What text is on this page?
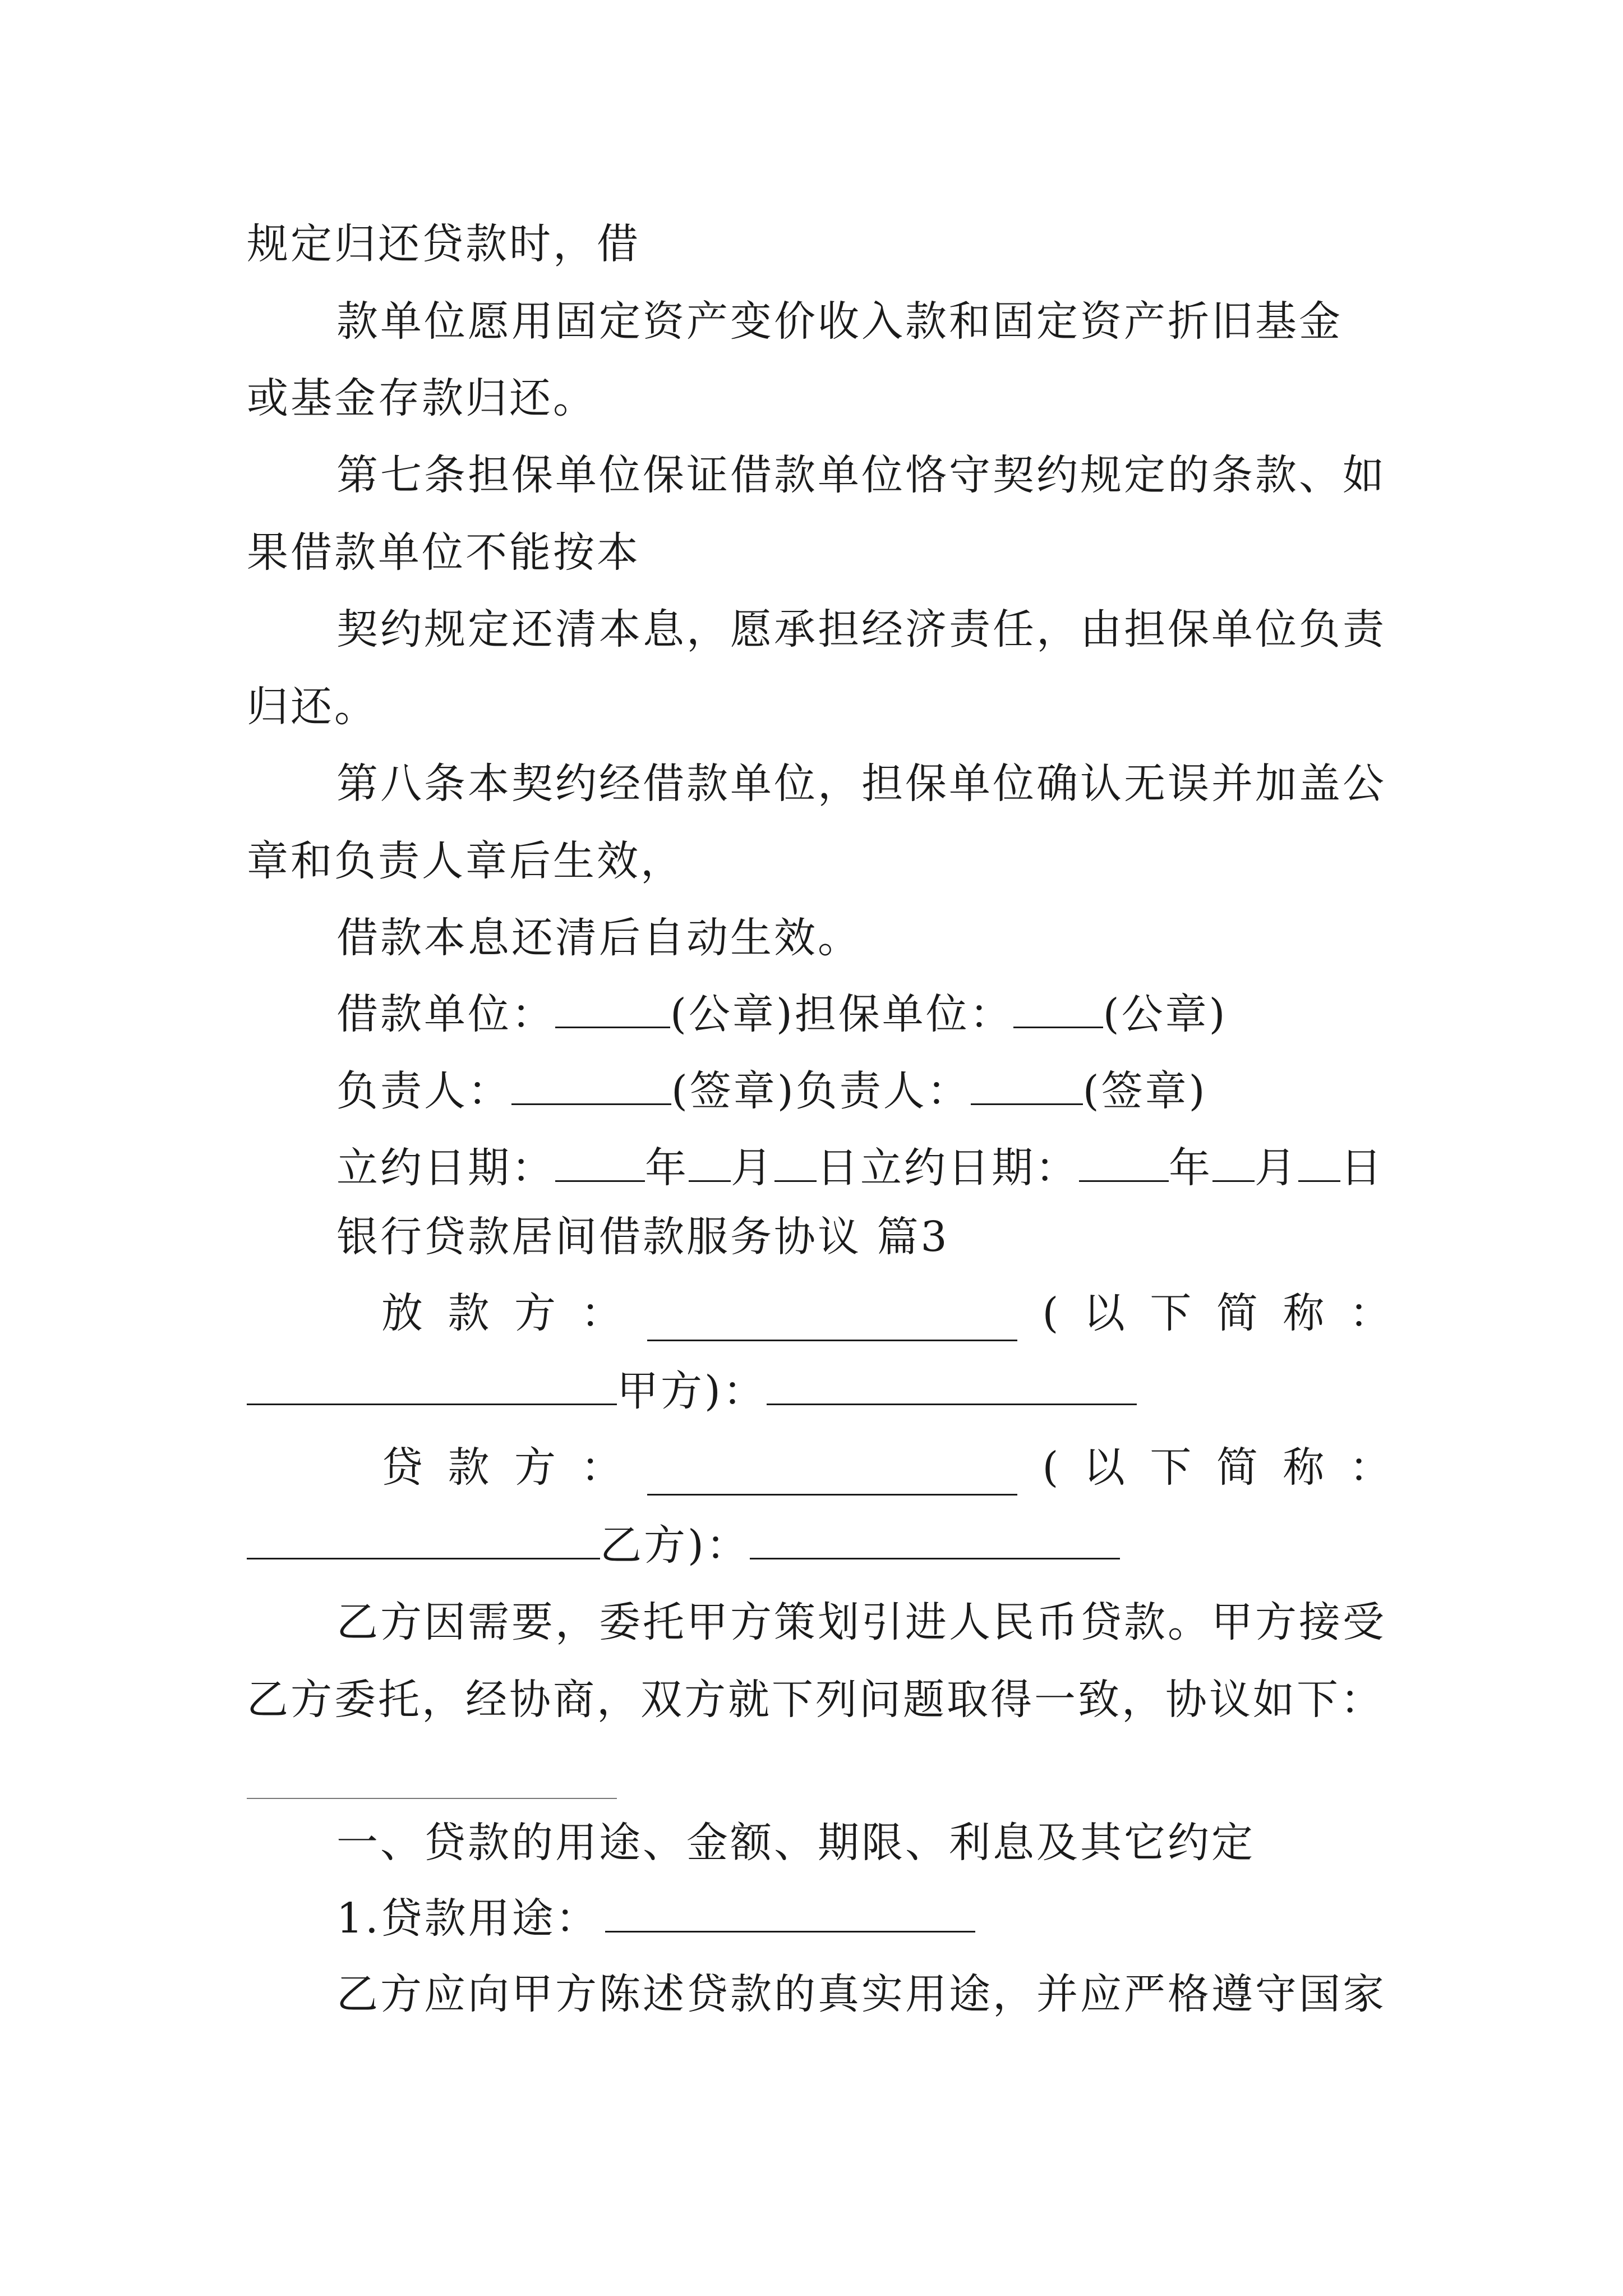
规定归还贷款时，借
款单位愿用固定资产变价收入款和固定资产折旧基金
或基金存款归还。
第七条担保单位保证借款单位恪守契约规定的条款、如
果借款单位不能按本
契约规定还清本息，愿承担经济责任，由担保单位负责
归还。
第八条本契约经借款单位，担保单位确认无误并加盖公
章和负责人章后生效，
借款本息还清后自动生效。
借款单位：	(公章)担保单位： (公章)
负责人：	(签章)负责人：	(签章)
立约日期： 年 月 日立约日期： 年 月 日
银行贷款居间借款服务协议 篇3
放 款 方 ：	( 以 下 简 称 ：
甲方)：
贷 款 方 ：	( 以 下 简 称 ：
乙方)：
乙方因需要，委托甲方策划引进人民币贷款。甲方接受
乙方委托，经协商，双方就下列问题取得一致，协议如下：
一、贷款的用途、金额、期限、利息及其它约定
1.贷款用途：
乙方应向甲方陈述贷款的真实用途，并应严格遵守国家
